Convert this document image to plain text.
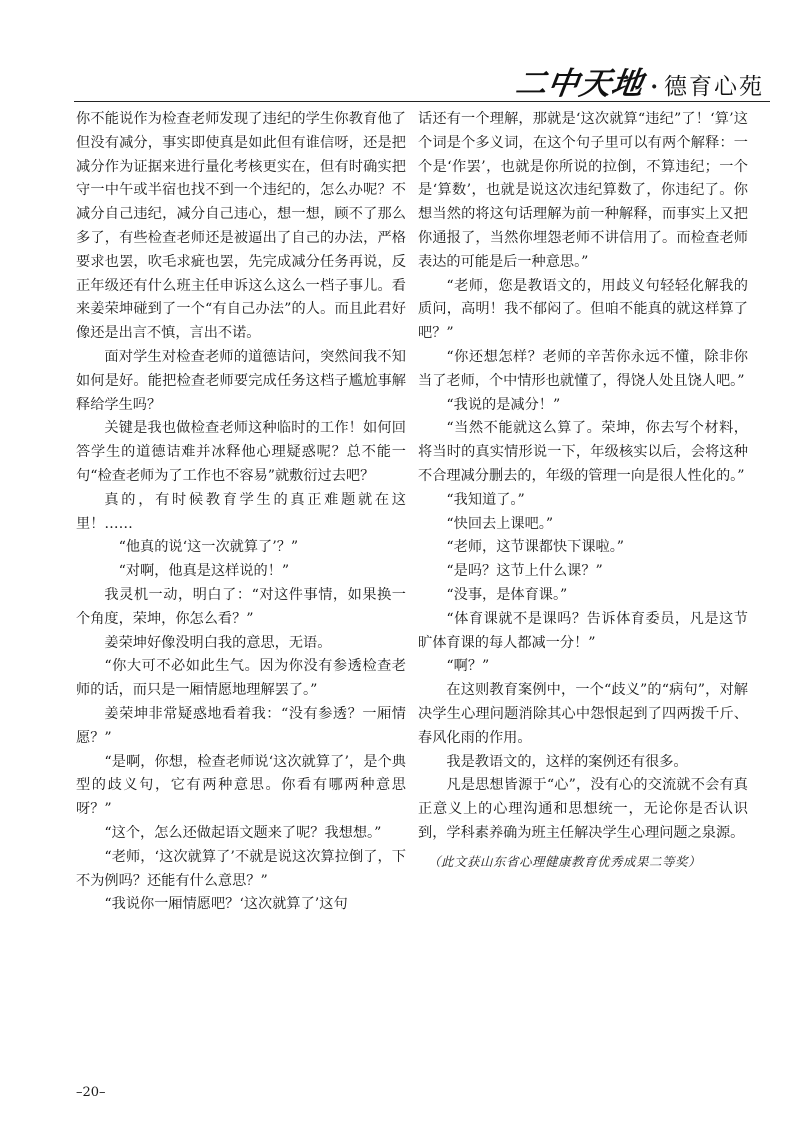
二中天地 · 德育心苑

你不能说作为检查老师发现了违纪的学生你教育他了但没有减分，事实即使真是如此但有谁信呀，还是把减分作为证据来进行量化考核更实在，但有时确实把守一中午或半宿也找不到一个违纪的，怎么办呢？不减分自己违纪，减分自己违心，想一想，顾不了那么多了，有些检查老师还是被逼出了自己的办法，严格要求也罢，吹毛求疵也罢，先完成减分任务再说，反正年级还有什么班主任申诉这么这么一档子事儿。看来姜荣坤碰到了一个“有自己办法”的人。而且此君好像还是出言不慎，言出不诺。

面对学生对检查老师的道德诘问，突然间我不知如何是好。能把检查老师要完成任务这档子尴尬事解释给学生吗？

关键是我也做检查老师这种临时的工作！如何回答学生的道德诘难并冰释他心理疑惑呢？总不能一句“检查老师为了工作也不容易”就敷衍过去吧？

真的，有时候教育学生的真正难题就在这里！……

“他真的说‘这一次就算了’？”

“对啊，他真是这样说的！”

我灵机一动，明白了：“对这件事情，如果换一个角度，荣坤，你怎么看？”

姜荣坤好像没明白我的意思，无语。

“你大可不必如此生气。因为你没有参透检查老师的话，而只是一厢情愿地理解罢了。”

姜荣坤非常疑惑地看着我：“没有参透？一厢情愿？”

“是啊，你想，检查老师说‘这次就算了’，是个典型的歧义句，它有两种意思。你看有哪两种意思呀？”

“这个，怎么还做起语文题来了呢？我想想。”

“老师，‘这次就算了’不就是说这次算拉倒了，下不为例吗？还能有什么意思？”

“我说你一厢情愿吧？‘这次就算了’这句

话还有一个理解，那就是‘这次就算“违纪”了！‘算’这个词是个多义词，在这个句子里可以有两个解释：一个是‘作罢’，也就是你所说的拉倒，不算违纪；一个是‘算数’，也就是说这次违纪算数了，你违纪了。你想当然的将这句话理解为前一种解释，而事实上又把你通报了，当然你埋怨老师不讲信用了。而检查老师表达的可能是后一种意思。”

“老师，您是教语文的，用歧义句轻轻化解我的质问，高明！我不郁闷了。但咱不能真的就这样算了吧？”

“你还想怎样？老师的辛苦你永远不懂，除非你当了老师，个中情形也就懂了，得饶人处且饶人吧。”

“我说的是减分！”

“当然不能就这么算了。荣坤，你去写个材料，将当时的真实情形说一下，年级核实以后，会将这种不合理减分删去的，年级的管理一向是很人性化的。”

“我知道了。”

“快回去上课吧。”

“老师，这节课都快下课啦。”

“是吗？这节上什么课？”

“没事，是体育课。”

“体育课就不是课吗？告诉体育委员，凡是这节旷体育课的每人都减一分！”

“啊？”

在这则教育案例中，一个“歧义”的“病句”，对解决学生心理问题消除其心中怨恨起到了四两拨千斤、春风化雨的作用。

我是教语文的，这样的案例还有很多。

凡是思想皆源于“心”，没有心的交流就不会有真正意义上的心理沟通和思想统一，无论你是否认识到，学科素养确为班主任解决学生心理问题之泉源。

（此文获山东省心理健康教育优秀成果二等奖）

–20–
